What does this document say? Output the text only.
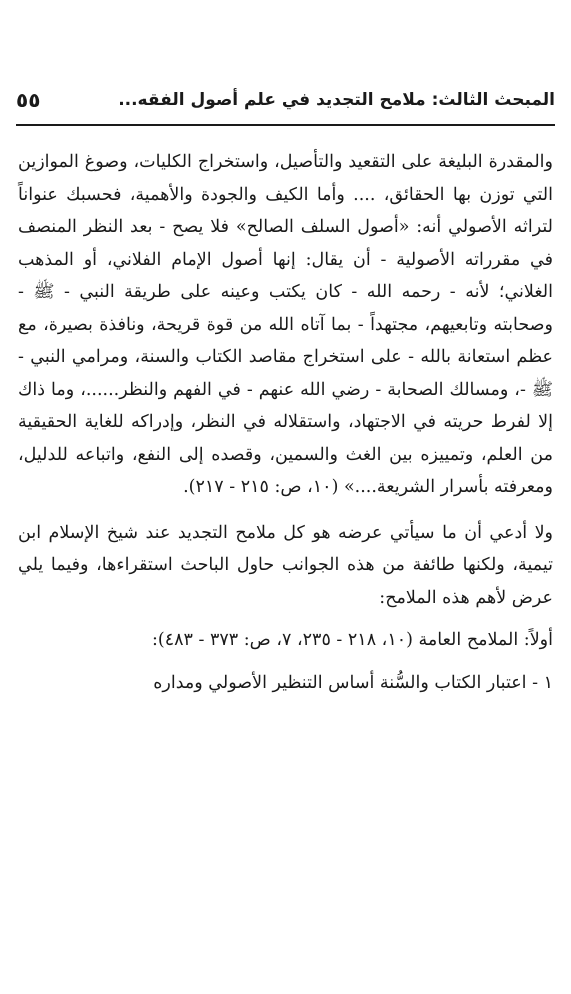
المبحث الثالث: ملامح التجديد في علم أصول الفقه...
٥٥

والمقدرة البليغة على التقعيد والتأصيل، واستخراج الكليات، وصوغ الموازين التي توزن بها الحقائق، .... وأما الكيف والجودة والأهمية، فحسبك عنواناً لتراثه الأصولي أنه: «أصول السلف الصالح» فلا يصح - بعد النظر المنصف في مقرراته الأصولية - أن يقال: إنها أصول الإمام الفلاني، أو المذهب الغلاني؛ لأنه - رحمه الله - كان يكتب وعينه على طريقة النبي - ﷺ - وصحابته وتابعيهم، مجتهداً - بما آتاه الله من قوة قريحة، ونافذة بصيرة، مع عظم استعانة بالله - على استخراج مقاصد الكتاب والسنة، ومرامي النبي - ﷺ -، ومسالك الصحابة - رضي الله عنهم - في الفهم والنظر......، وما ذاك إلا لفرط حريته في الاجتهاد، واستقلاله في النظر، وإدراكه للغاية الحقيقية من العلم، وتمييزه بين الغث والسمين، وقصده إلى النفع، واتباعه للدليل، ومعرفته بأسرار الشريعة....» (١٠، ص: ٢١٥ - ٢١٧).

ولا أدعي أن ما سيأتي عرضه هو كل ملامح التجديد عند شيخ الإسلام ابن تيمية، ولكنها طائفة من هذه الجوانب حاول الباحث استقراءها، وفيما يلي عرض لأهم هذه الملامح:

أولاً: الملامح العامة (١٠، ٢١٨ - ٢٣٥، ٧، ص: ٣٧٣ - ٤٨٣):

١ - اعتبار الكتاب والسُّنة أساس التنظير الأصولي ومداره
